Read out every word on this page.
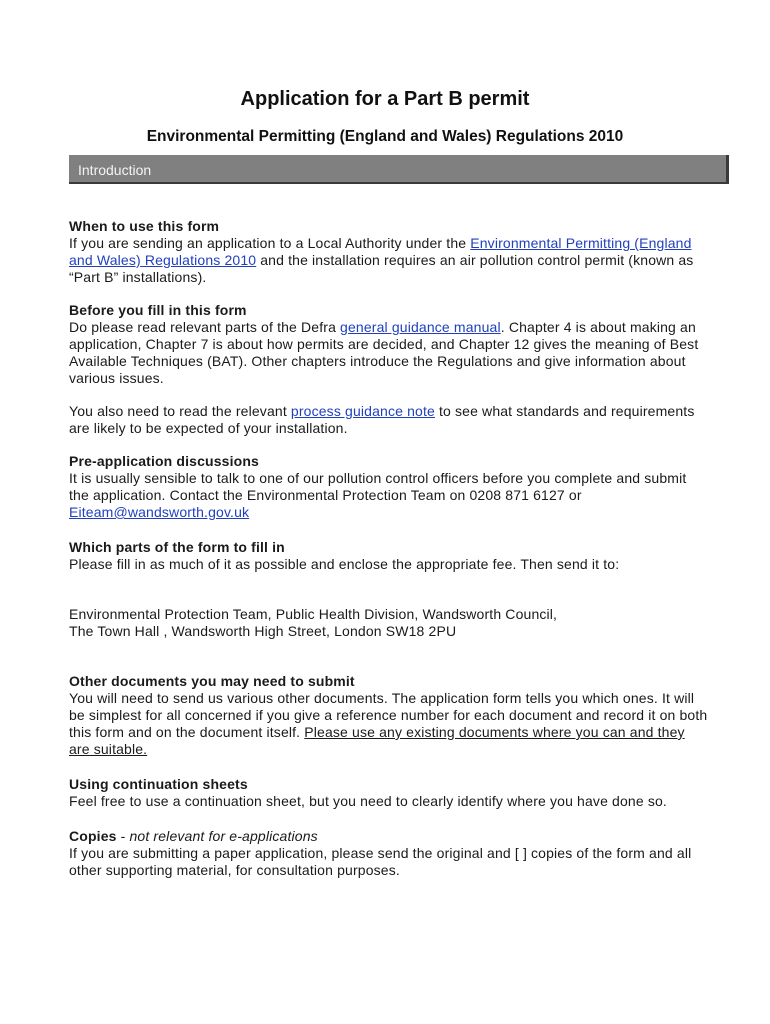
Application for a Part B permit
Environmental Permitting (England and Wales) Regulations 2010
Introduction
When to use this form

If you are sending an application to a Local Authority under the Environmental Permitting (England and Wales) Regulations 2010 and the installation requires an air pollution control permit (known as “Part B” installations).

Before you fill in this form

Do please read relevant parts of the Defra general guidance manual. Chapter 4 is about making an application, Chapter 7 is about how permits are decided, and Chapter 12 gives the meaning of Best Available Techniques (BAT). Other chapters introduce the Regulations and give information about various issues.

You also need to read the relevant process guidance note to see what standards and requirements are likely to be expected of your installation.

Pre-application discussions

It is usually sensible to talk to one of our pollution control officers before you complete and submit the application. Contact the Environmental Protection Team on 0208 871 6127 or
Eiteam@wandsworth.gov.uk

Which parts of the form to fill in

Please fill in as much of it as possible and enclose the appropriate fee. Then send it to:

Environmental Protection Team, Public Health Division, Wandsworth Council,

The Town Hall , Wandsworth High Street, London SW18 2PU

Other documents you may need to submit

You will need to send us various other documents. The application form tells you which ones. It will be simplest for all concerned if you give a reference number for each document and record it on both this form and on the document itself. Please use any existing documents where you can and they are suitable.

Using continuation sheets

Feel free to use a continuation sheet, but you need to clearly identify where you have done so.

Copies - not relevant for e-applications

If you are submitting a paper application, please send the original and [ ] copies of the form and all other supporting material, for consultation purposes.
